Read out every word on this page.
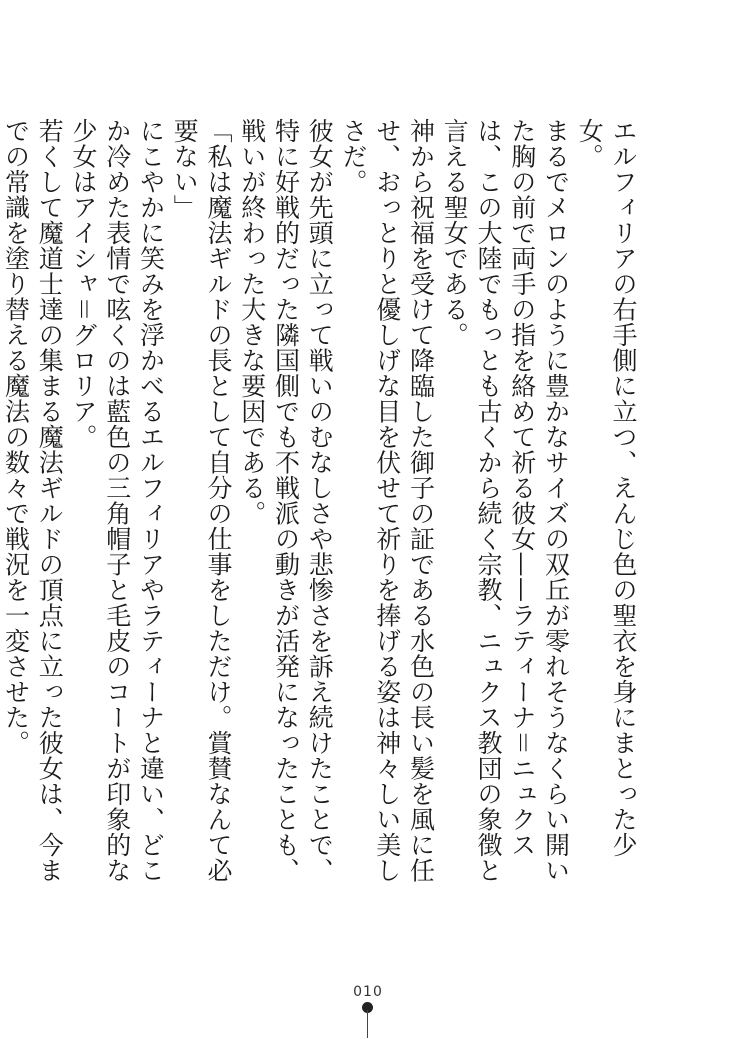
エルフィリアの右手側に立つ、えんじ色の聖衣を身にまとった少女。

まるでメロンのように豊かなサイズの双丘が零れそうなくらい開いた胸の前で両手の指を絡めて祈る彼女——ラティーナ＝ニュクスは、この大陸でもっとも古くから続く宗教、ニュクス教団の象徴と言える聖女である。

神から祝福を受けて降臨した御子の証である水色の長い髪を風に任せ、おっとりと優しげな目を伏せて祈りを捧げる姿は神々しい美しさだ。

彼女が先頭に立って戦いのむなしさや悲惨さを訴え続けたことで、特に好戦的だった隣国側でも不戦派の動きが活発になったことも、戦いが終わった大きな要因である。

「私は魔法ギルドの長として自分の仕事をしただけ。賞賛なんて必要ない」

にこやかに笑みを浮かべるエルフィリアやラティーナと違い、どこか冷めた表情で呟くのは藍色の三角帽子と毛皮のコートが印象的な少女はアイシャ＝グロリア。

若くして魔道士達の集まる魔法ギルドの頂点に立った彼女は、今までの常識を塗り替える魔法の数々で戦況を一変させた。

010
